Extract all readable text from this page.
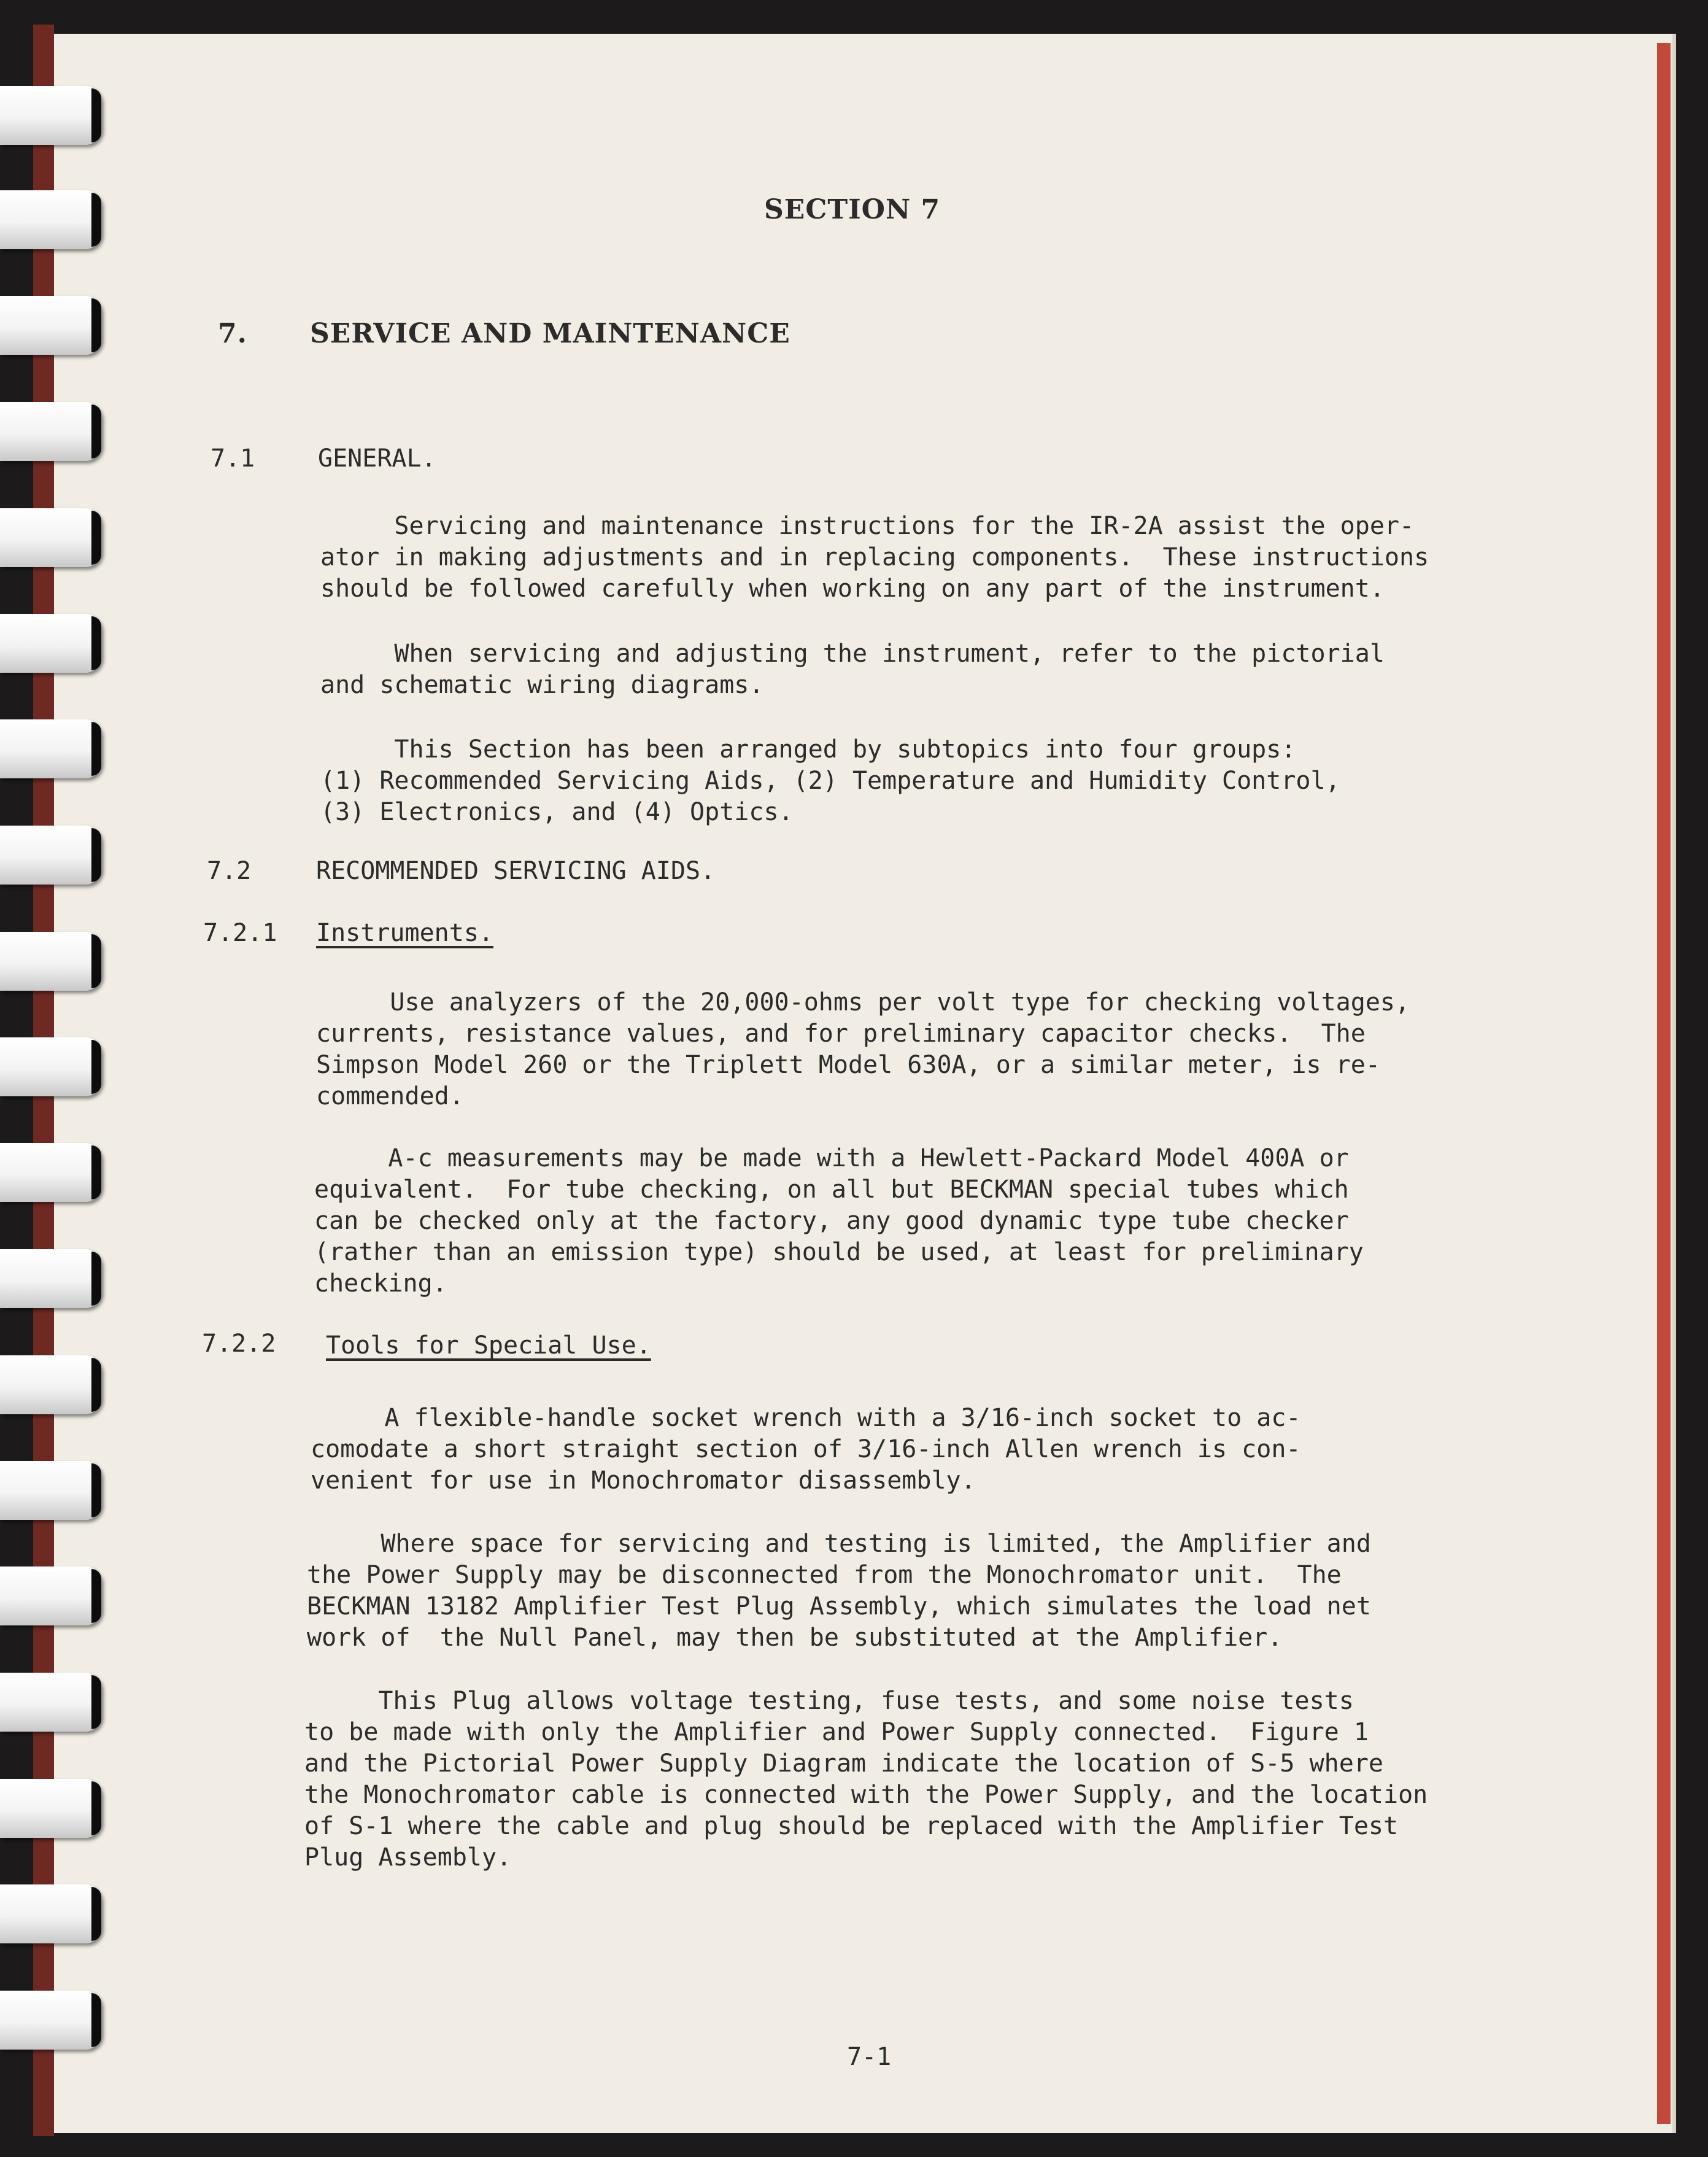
SECTION 7
7. SERVICE AND MAINTENANCE
7.1	GENERAL.
Servicing and maintenance instructions for the IR-2A assist the oper-
ator in making adjustments and in replacing components.  These instructions
should be followed carefully when working on any part of the instrument.
When servicing and adjusting the instrument, refer to the pictorial
and schematic wiring diagrams.
This Section has been arranged by subtopics into four groups:
(1) Recommended Servicing Aids, (2) Temperature and Humidity Control,
(3) Electronics, and (4) Optics.
7.2	RECOMMENDED SERVICING AIDS.
7.2.1 Instruments.
Use analyzers of the 20,000-ohms per volt type for checking voltages,
currents, resistance values, and for preliminary capacitor checks.  The
Simpson Model 260 or the Triplett Model 630A, or a similar meter, is re-
commended.
A-c measurements may be made with a Hewlett-Packard Model 400A or
equivalent.  For tube checking, on all but BECKMAN special tubes which
can be checked only at the factory, any good dynamic type tube checker
(rather than an emission type) should be used, at least for preliminary
checking.
7.2.2 Tools for Special Use.
A flexible-handle socket wrench with a 3/16-inch socket to ac-
comodate a short straight section of 3/16-inch Allen wrench is con-
venient for use in Monochromator disassembly.
Where space for servicing and testing is limited, the Amplifier and
the Power Supply may be disconnected from the Monochromator unit.  The
BECKMAN 13182 Amplifier Test Plug Assembly, which simulates the load net
work of  the Null Panel, may then be substituted at the Amplifier.
This Plug allows voltage testing, fuse tests, and some noise tests
to be made with only the Amplifier and Power Supply connected.  Figure 1
and the Pictorial Power Supply Diagram indicate the location of S-5 where
the Monochromator cable is connected with the Power Supply, and the location
of S-1 where the cable and plug should be replaced with the Amplifier Test
Plug Assembly.
7-1
